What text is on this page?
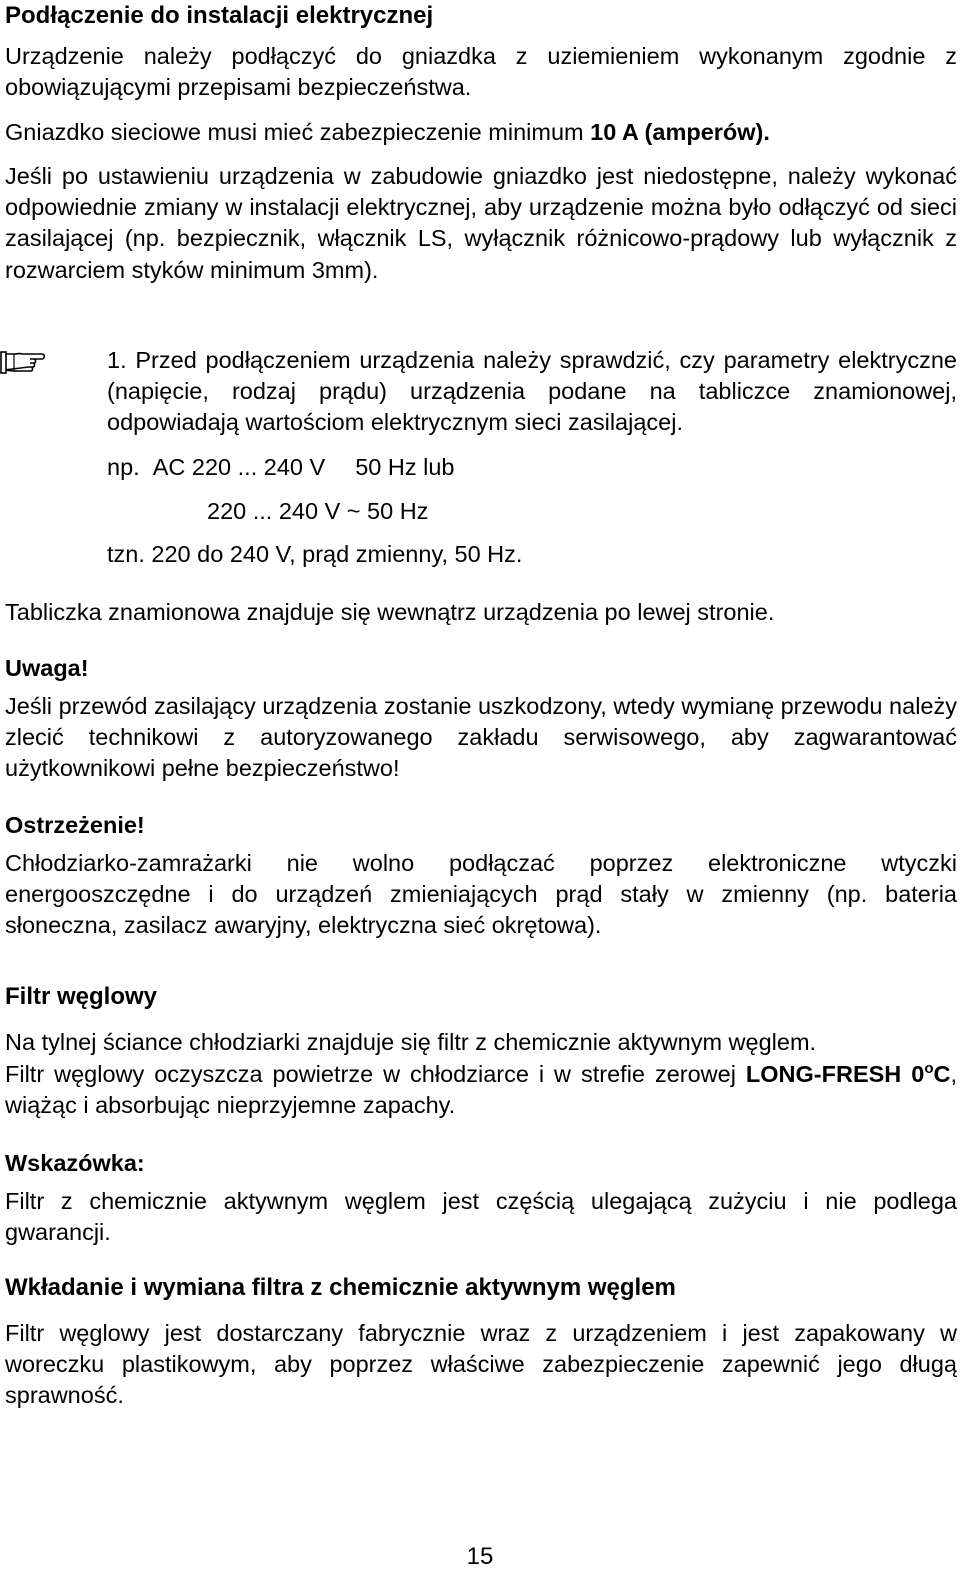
Podłączenie do instalacji elektrycznej

Urządzenie należy podłączyć do gniazdka z uziemieniem wykonanym zgodnie z obowiązującymi przepisami bezpieczeństwa.

Gniazdko sieciowe musi mieć zabezpieczenie minimum 10 A (amperów).

Jeśli po ustawieniu urządzenia w zabudowie gniazdko jest niedostępne, należy wykonać odpowiednie zmiany w instalacji elektrycznej, aby urządzenie można było odłączyć od sieci zasilającej (np. bezpiecznik, włącznik LS, wyłącznik różnicowo-prądowy lub wyłącznik z rozwarciem styków minimum 3mm).

1. Przed podłączeniem urządzenia należy sprawdzić, czy parametry elektryczne (napięcie, rodzaj prądu) urządzenia podane na tabliczce znamionowej, odpowiadają wartościom elektrycznym sieci zasilającej.

np. AC 220 ... 240 V 50 Hz lub

220 ... 240 V ~ 50 Hz

tzn. 220 do 240 V, prąd zmienny, 50 Hz.

Tabliczka znamionowa znajduje się wewnątrz urządzenia po lewej stronie.

Uwaga!

Jeśli przewód zasilający urządzenia zostanie uszkodzony, wtedy wymianę przewodu należy zlecić technikowi z autoryzowanego zakładu serwisowego, aby zagwarantować użytkownikowi pełne bezpieczeństwo!

Ostrzeżenie!

Chłodziarko-zamrażarki nie wolno podłączać poprzez elektroniczne wtyczki energooszczędne i do urządzeń zmieniających prąd stały w zmienny (np. bateria słoneczna, zasilacz awaryjny, elektryczna sieć okrętowa).

Filtr węglowy

Na tylnej ściance chłodziarki znajduje się filtr z chemicznie aktywnym węglem.

Filtr węglowy oczyszcza powietrze w chłodziarce i w strefie zerowej LONG-FRESH 0$^o$C, wiążąc i absorbując nieprzyjemne zapachy.

Wskazówka:

Filtr z chemicznie aktywnym węglem jest częścią ulegającą zużyciu i nie podlega gwarancji.

Wkładanie i wymiana filtra z chemicznie aktywnym węglem

Filtr węglowy jest dostarczany fabrycznie wraz z urządzeniem i jest zapakowany w woreczku plastikowym, aby poprzez właściwe zabezpieczenie zapewnić jego długą sprawność.

15
